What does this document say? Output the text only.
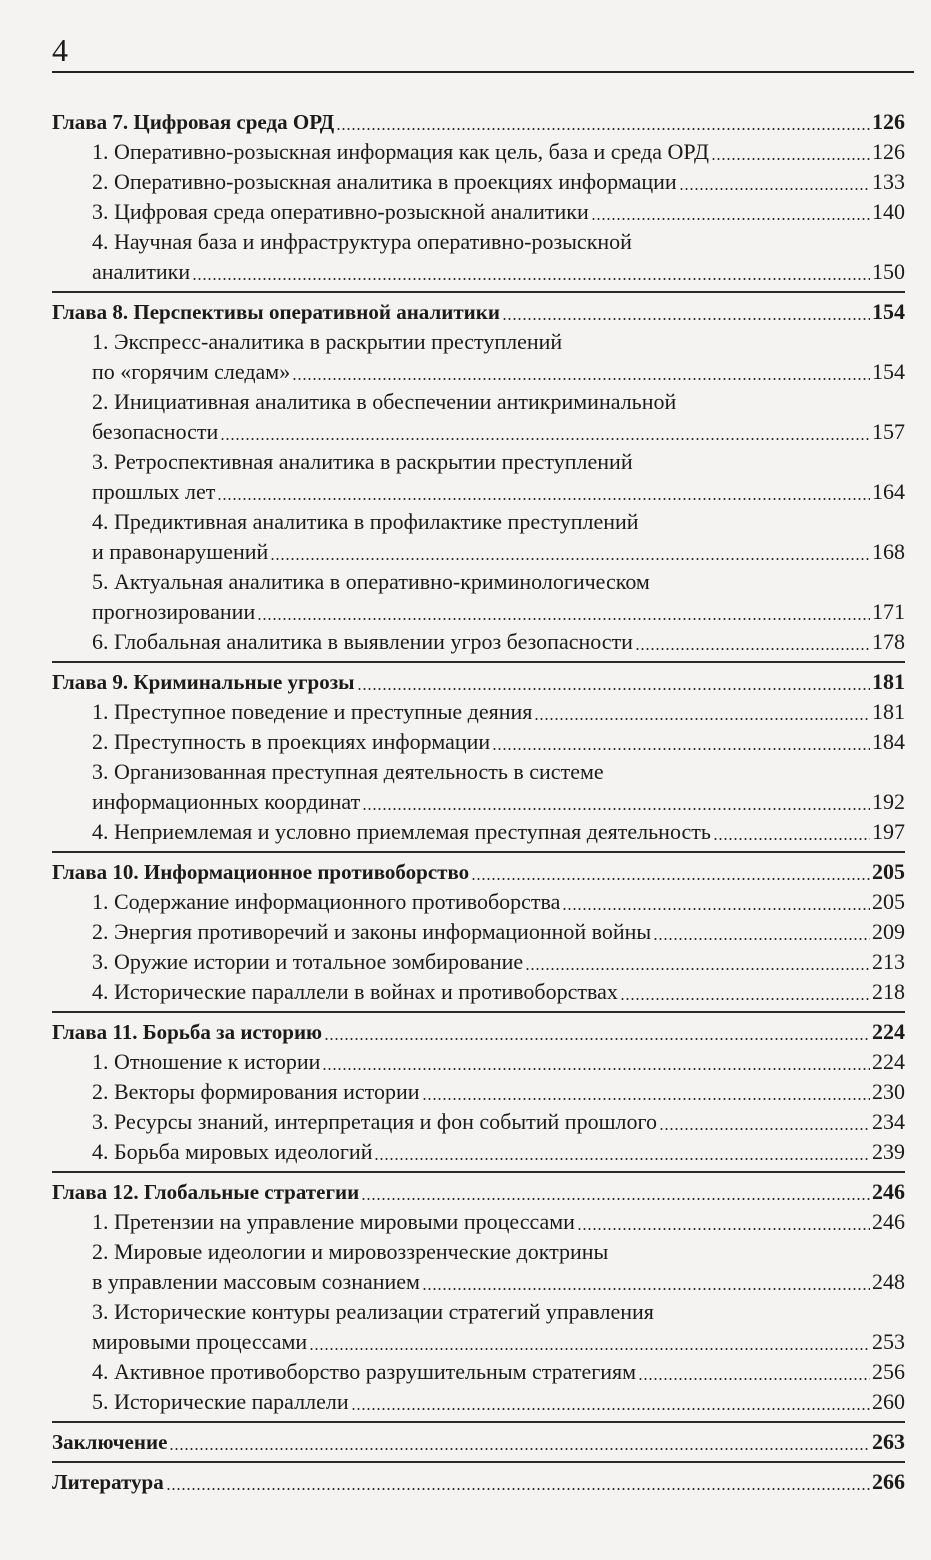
4
Глава 7. Цифровая среда ОРД	126
1. Оперативно-розыскная информация как цель, база и среда ОРД	126
2. Оперативно-розыскная аналитика в проекциях информации	133
3. Цифровая среда оперативно-розыскной аналитики	140
4. Научная база и инфраструктура оперативно-розыскной
аналитики	150
Глава 8. Перспективы оперативной аналитики	154
1. Экспресс-аналитика в раскрытии преступлений
по «горячим следам»	154
2. Инициативная аналитика в обеспечении антикриминальной
безопасности	157
3. Ретроспективная аналитика в раскрытии преступлений
прошлых лет	164
4. Предиктивная аналитика в профилактике преступлений
и правонарушений	168
5. Актуальная аналитика в оперативно-криминологическом
прогнозировании	171
6. Глобальная аналитика в выявлении угроз безопасности	178
Глава 9. Криминальные угрозы	181
1. Преступное поведение и преступные деяния	181
2. Преступность в проекциях информации	184
3. Организованная преступная деятельность в системе
информационных координат	192
4. Неприемлемая и условно приемлемая преступная деятельность	197
Глава 10. Информационное противоборство	205
1. Содержание информационного противоборства	205
2. Энергия противоречий и законы информационной войны	209
3. Оружие истории и тотальное зомбирование	213
4. Исторические параллели в войнах и противоборствах	218
Глава 11. Борьба за историю	224
1. Отношение к истории	224
2. Векторы формирования истории	230
3. Ресурсы знаний, интерпретация и фон событий прошлого	234
4. Борьба мировых идеологий	239
Глава 12. Глобальные стратегии	246
1. Претензии на управление мировыми процессами	246
2. Мировые идеологии и мировоззренческие доктрины
в управлении массовым сознанием	248
3. Исторические контуры реализации стратегий управления
мировыми процессами	253
4. Активное противоборство разрушительным стратегиям	256
5. Исторические параллели	260
Заключение	263
Литература	266
